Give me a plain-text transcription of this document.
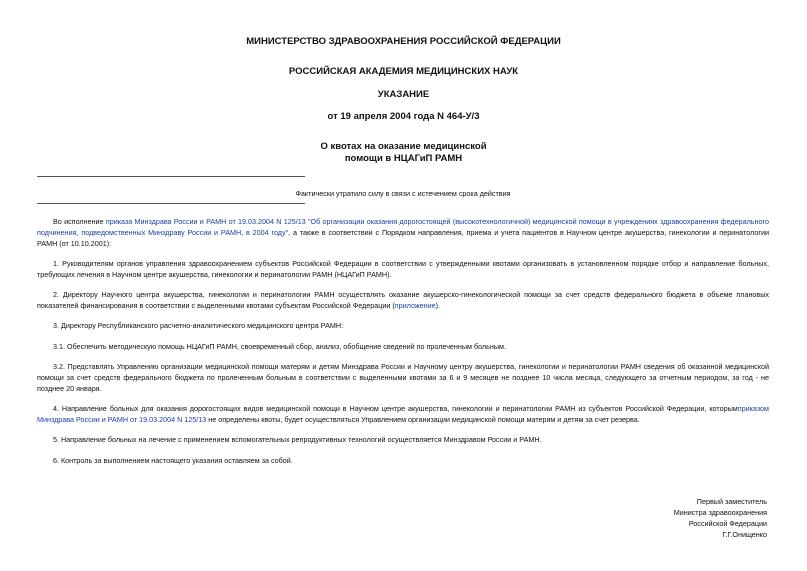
МИНИСТЕРСТВО ЗДРАВООХРАНЕНИЯ РОССИЙСКОЙ ФЕДЕРАЦИИ
РОССИЙСКАЯ АКАДЕМИЯ МЕДИЦИНСКИХ НАУК
УКАЗАНИЕ
от 19 апреля 2004 года N 464-У/3
О квотах на оказание медицинской
помощи в НЦАГиП РАМН
Фактически утратило силу в связи с истечением срока действия
Во исполнение приказа Минздрава России и РАМН от 19.03.2004 N 125/13 "Об организации оказания дорогостоящей (высокотехнологичной) медицинской помощи в учреждениях здравоохранения федерального подчинения, подведомственных Минздраву России и РАМН, в 2004 году", а также в соответствии с Порядком направления, приема и учета пациентов в Научном центре акушерства, гинекологии и перинатологии РАМН (от 10.10.2001):
1. Руководителям органов управления здравоохранением субъектов Российской Федерации в соответствии с утвержденными квотами организовать в установленном порядке отбор и направление больных, требующих лечения в Научном центре акушерства, гинекологии и перинатологии РАМН (НЦАГиП РАМН).
2. Директору Научного центра акушерства, гинекологии и перинатологии РАМН осуществлять оказание акушерско-гинекологической помощи за счет средств федерального бюджета в объеме плановых показателей финансирования в соответствии с выделенными квотами субъектам Российской Федерации (приложение).
3. Директору Республиканского расчетно-аналитического медицинского центра РАМН:
3.1. Обеспечить методическую помощь НЦАГиП РАМН, своевременный сбор, анализ, обобщение сведений по пролеченным больным.
3.2. Представлять Управлению организации медицинской помощи матерям и детям Минздрава России и Научному центру акушерства, гинекологии и перинатологии РАМН сведения об оказанной медицинской помощи за счет средств федерального бюджета по пролеченным больным в соответствии с выделенными квотами за 6 и 9 месяцев не позднее 10 числа месяца, следующего за отчетным периодом, за год - не позднее 20 января.
4. Направление больных для оказания дорогостоящих видов медицинской помощи в Научном центре акушерства, гинекологии и перинатологии РАМН из субъектов Российской Федерации, которымприказом Минздрава России и РАМН от 19.03.2004 N 125/13 не определены квоты, будет осуществляться Управлением организации медицинской помощи матерям и детям за счет резерва.
5. Направление больных на лечение с применением вспомогательных репродуктивных технологий осуществляется Минздравом России и РАМН.
6. Контроль за выполнением настоящего указания оставляем за собой.
Первый заместитель
Министра здравоохранения
Российской Федерации
Г.Г.Онищенко
